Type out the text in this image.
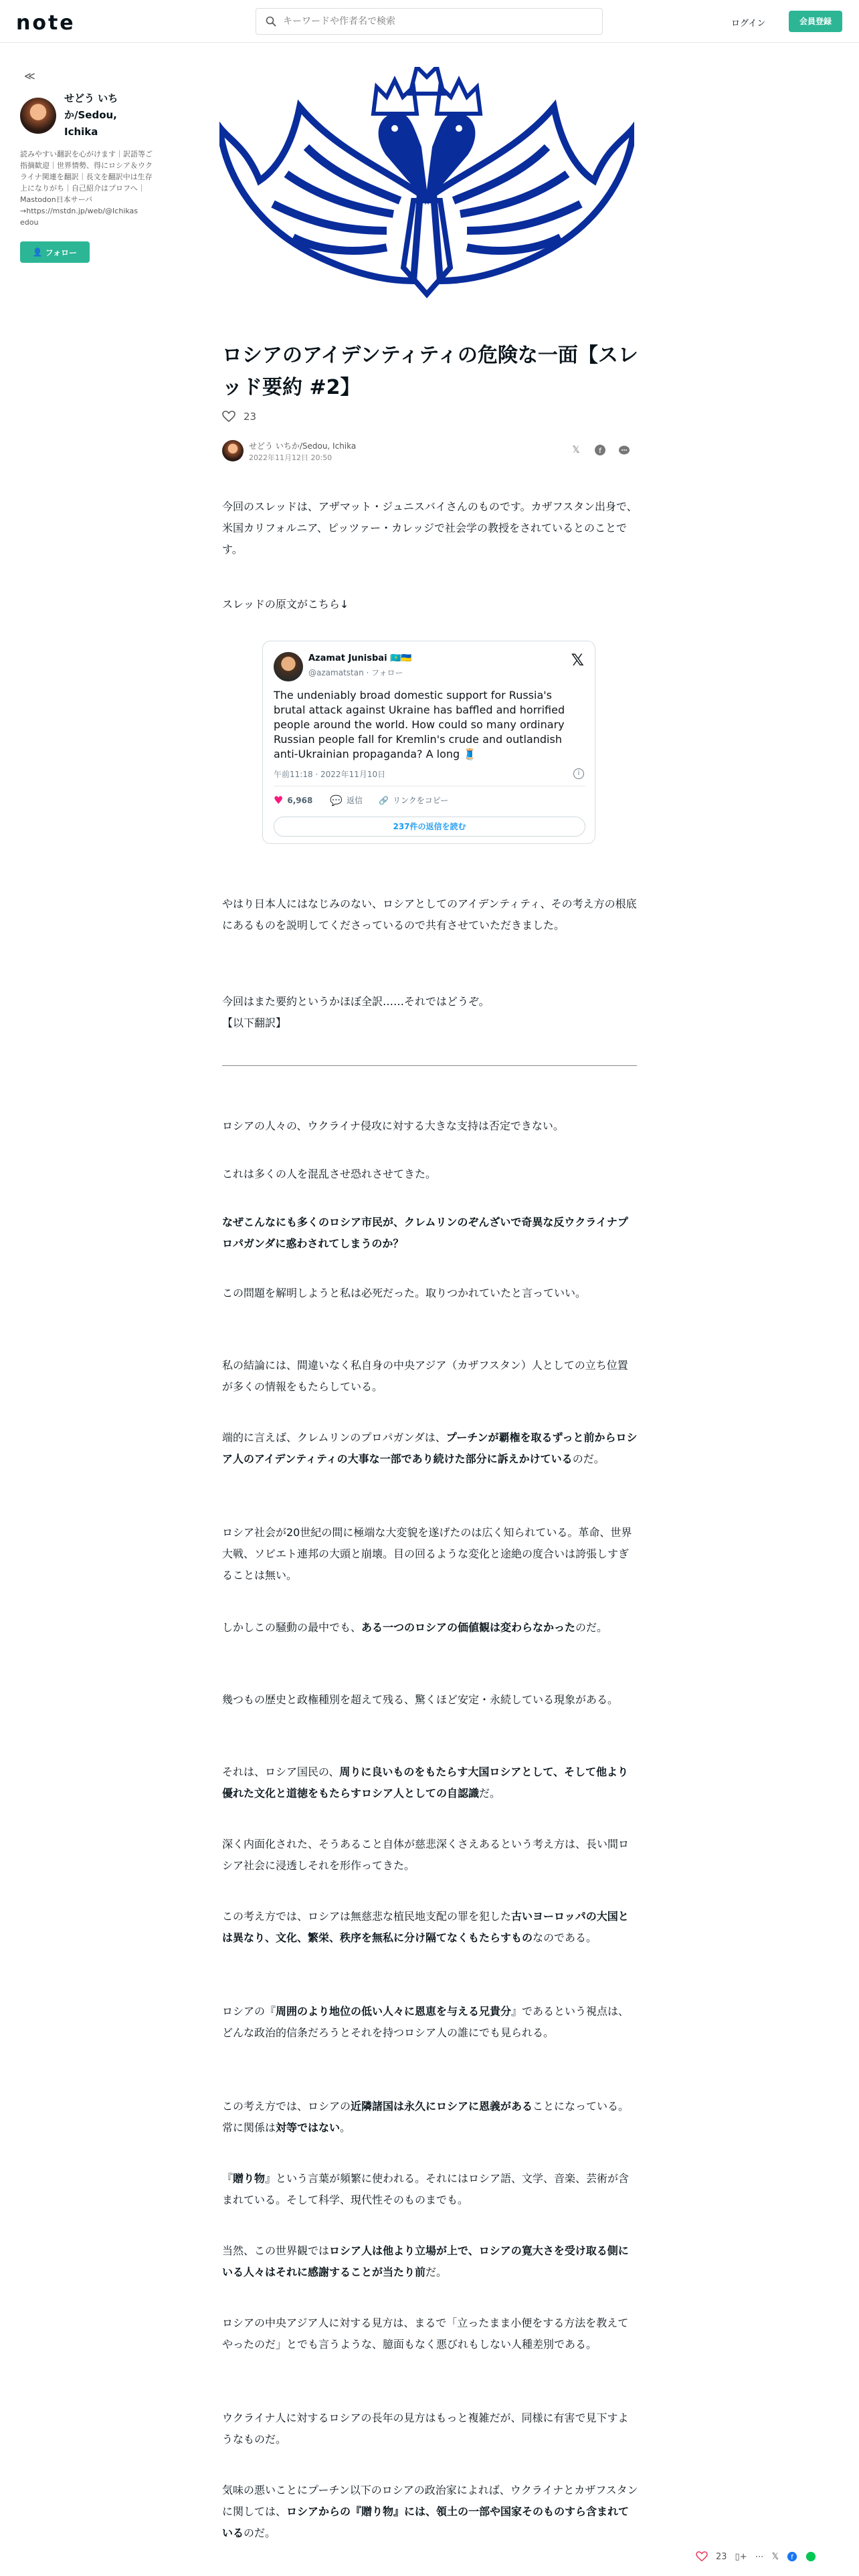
note
キーワードや作者名で検索	ログイン	会員登録
≪
せどう いちか/Sedou, Ichika
読みやすい翻訳を心がけます｜訳語等ご指摘歓迎｜世界情勢、得にロシア＆ウクライナ関連を翻訳｜長文を翻訳中は生存上になりがち｜自己紹介はプロフへ｜Mastodon日本サーバ→https://mstdn.jp/web/@Ichikas edou
👤 フォロー
ロシアのアイデンティティの危険な一面【スレッド要約 #2】
23
せどう いちか/Sedou, Ichika
2022年11月12日 20:50
𝕏	f
今回のスレッドは、アザマット・ジュニスバイさんのものです。カザフスタン出身で、米国カリフォルニア、ピッツァー・カレッジで社会学の教授をされているとのことです。
スレッドの原文がこちら↓
Azamat Junisbai 🇰🇿🇺🇦
@azamatstan · フォロー
𝕏
The undeniably broad domestic support for Russia's brutal attack against Ukraine has baffled and horrified people around the world. How could so many ordinary Russian people fall for Kremlin's crude and outlandish anti-Ukrainian propaganda? A long 🧵
午前11:18 · 2022年11月10日	i
♥ 6,968 💬 返信 🔗 リンクをコピー
237件の返信を読む
やはり日本人にはなじみのない、ロシアとしてのアイデンティティ、その考え方の根底にあるものを説明してくださっているので共有させていただきました。
今回はまた要約というかほぼ全訳……それではどうぞ。
【以下翻訳】
ロシアの人々の、ウクライナ侵攻に対する大きな支持は否定できない。
これは多くの人を混乱させ恐れさせてきた。
なぜこんなにも多くのロシア市民が、クレムリンのぞんざいで奇異な反ウクライナプロパガンダに惑わされてしまうのか？
この問題を解明しようと私は必死だった。取りつかれていたと言っていい。
私の結論には、間違いなく私自身の中央アジア（カザフスタン）人としての立ち位置が多くの情報をもたらしている。
端的に言えば、クレムリンのプロパガンダは、プーチンが覇権を取るずっと前からロシア人のアイデンティティの大事な一部であり続けた部分に訴えかけているのだ。
ロシア社会が20世紀の間に極端な大変貌を遂げたのは広く知られている。革命、世界大戦、ソビエト連邦の大頭と崩壊。目の回るような変化と途絶の度合いは誇張しすぎることは無い。
しかしこの騒動の最中でも、ある一つのロシアの価値観は変わらなかったのだ。
幾つもの歴史と政権種別を超えて残る、驚くほど安定・永続している現象がある。
それは、ロシア国民の、周りに良いものをもたらす大国ロシアとして、そして他より優れた文化と道徳をもたらすロシア人としての自認識だ。
深く内面化された、そうあること自体が慈悲深くさえあるという考え方は、長い間ロシア社会に浸透しそれを形作ってきた。
この考え方では、ロシアは無慈悲な植民地支配の罪を犯した古いヨーロッパの大国とは異なり、文化、繁栄、秩序を無私に分け隔てなくもたらすものなのである。
ロシアの『周囲のより地位の低い人々に恩恵を与える兄貴分』であるという視点は、どんな政治的信条だろうとそれを持つロシア人の誰にでも見られる。
この考え方では、ロシアの近隣諸国は永久にロシアに恩義があることになっている。常に関係は対等ではない。
『贈り物』という言葉が頻繁に使われる。それにはロシア語、文学、音楽、芸術が含まれている。そして科学、現代性そのものまでも。
当然、この世界観ではロシア人は他より立場が上で、ロシアの寛大さを受け取る側にいる人々はそれに感謝することが当たり前だ。
ロシアの中央アジア人に対する見方は、まるで「立ったまま小便をする方法を教えてやったのだ」とでも言うような、臆面もなく悪びれもしない人種差別である。
ウクライナ人に対するロシアの長年の見方はもっと複雑だが、同様に有害で見下すようなものだ。
気味の悪いことにプーチン以下のロシアの政治家によれば、ウクライナとカザフスタンに関しては、ロシアからの『贈り物』には、領土の一部や国家そのものすら含まれているのだ。
23 ▯+ ⋯ 𝕏 f
